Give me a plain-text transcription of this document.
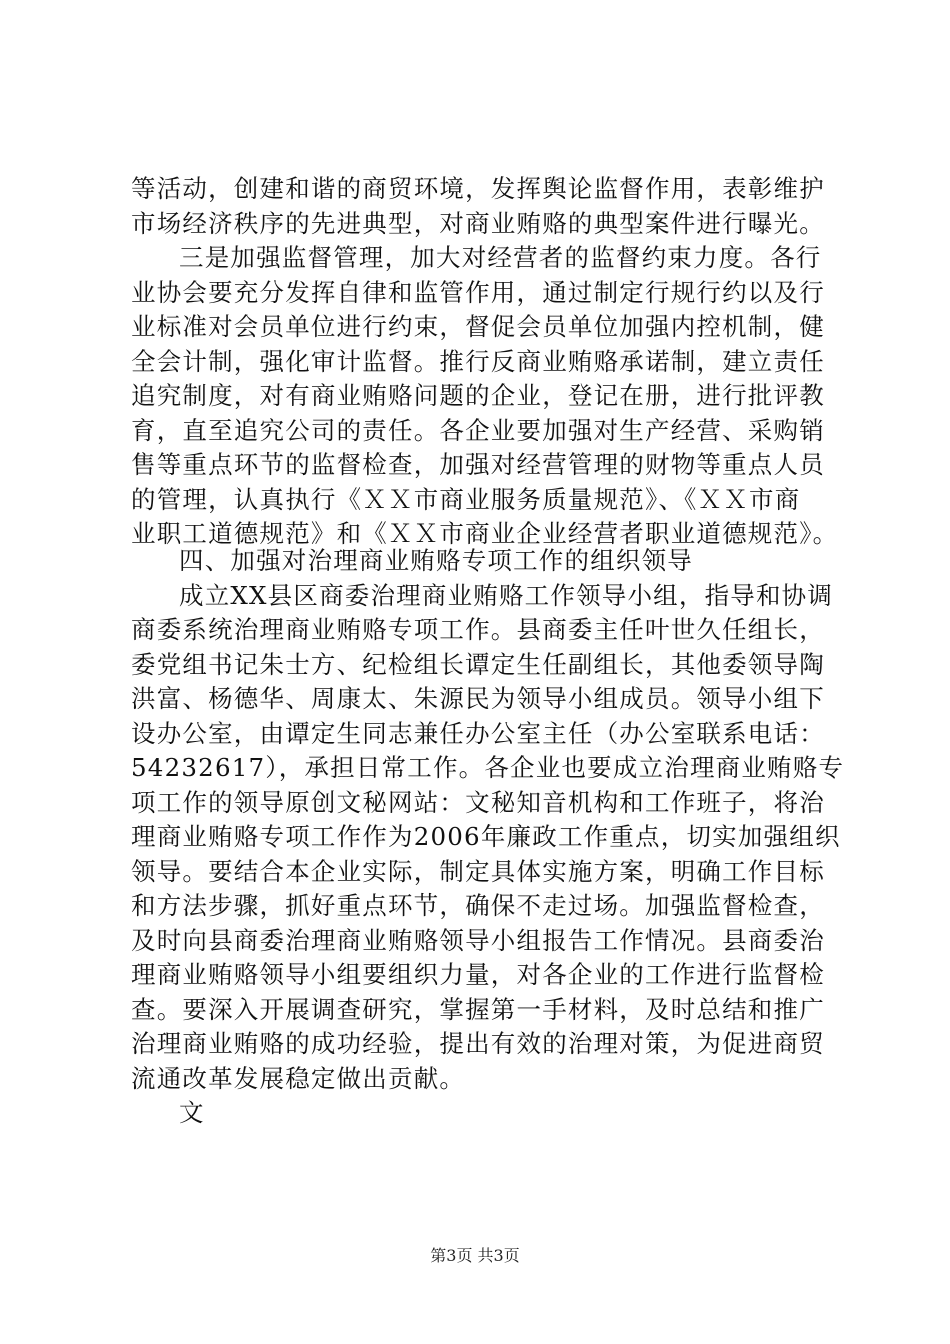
等活动，创建和谐的商贸环境，发挥舆论监督作用，表彰维护
市场经济秩序的先进典型，对商业贿赂的典型案件进行曝光。
三是加强监督管理，加大对经营者的监督约束力度。各行
业协会要充分发挥自律和监管作用，通过制定行规行约以及行
业标准对会员单位进行约束，督促会员单位加强内控机制，健
全会计制，强化审计监督。推行反商业贿赂承诺制，建立责任
追究制度，对有商业贿赂问题的企业，登记在册，进行批评教
育，直至追究公司的责任。各企业要加强对生产经营、采购销
售等重点环节的监督检查，加强对经营管理的财物等重点人员
的管理，认真执行《ＸＸ市商业服务质量规范》、《ＸＸ市商
业职工道德规范》和《ＸＸ市商业企业经营者职业道德规范》。
四、加强对治理商业贿赂专项工作的组织领导
成立XX县区商委治理商业贿赂工作领导小组，指导和协调
商委系统治理商业贿赂专项工作。县商委主任叶世久任组长，
委党组书记朱士方、纪检组长谭定生任副组长，其他委领导陶
洪富、杨德华、周康太、朱源民为领导小组成员。领导小组下
设办公室，由谭定生同志兼任办公室主任（办公室联系电话：
54232617），承担日常工作。各企业也要成立治理商业贿赂专
项工作的领导原创文秘网站：文秘知音机构和工作班子，将治
理商业贿赂专项工作作为2006年廉政工作重点，切实加强组织
领导。要结合本企业实际，制定具体实施方案，明确工作目标
和方法步骤，抓好重点环节，确保不走过场。加强监督检查，
及时向县商委治理商业贿赂领导小组报告工作情况。县商委治
理商业贿赂领导小组要组织力量，对各企业的工作进行监督检
查。要深入开展调查研究，掌握第一手材料，及时总结和推广
治理商业贿赂的成功经验，提出有效的治理对策，为促进商贸
流通改革发展稳定做出贡献。
文
第3页 共3页
